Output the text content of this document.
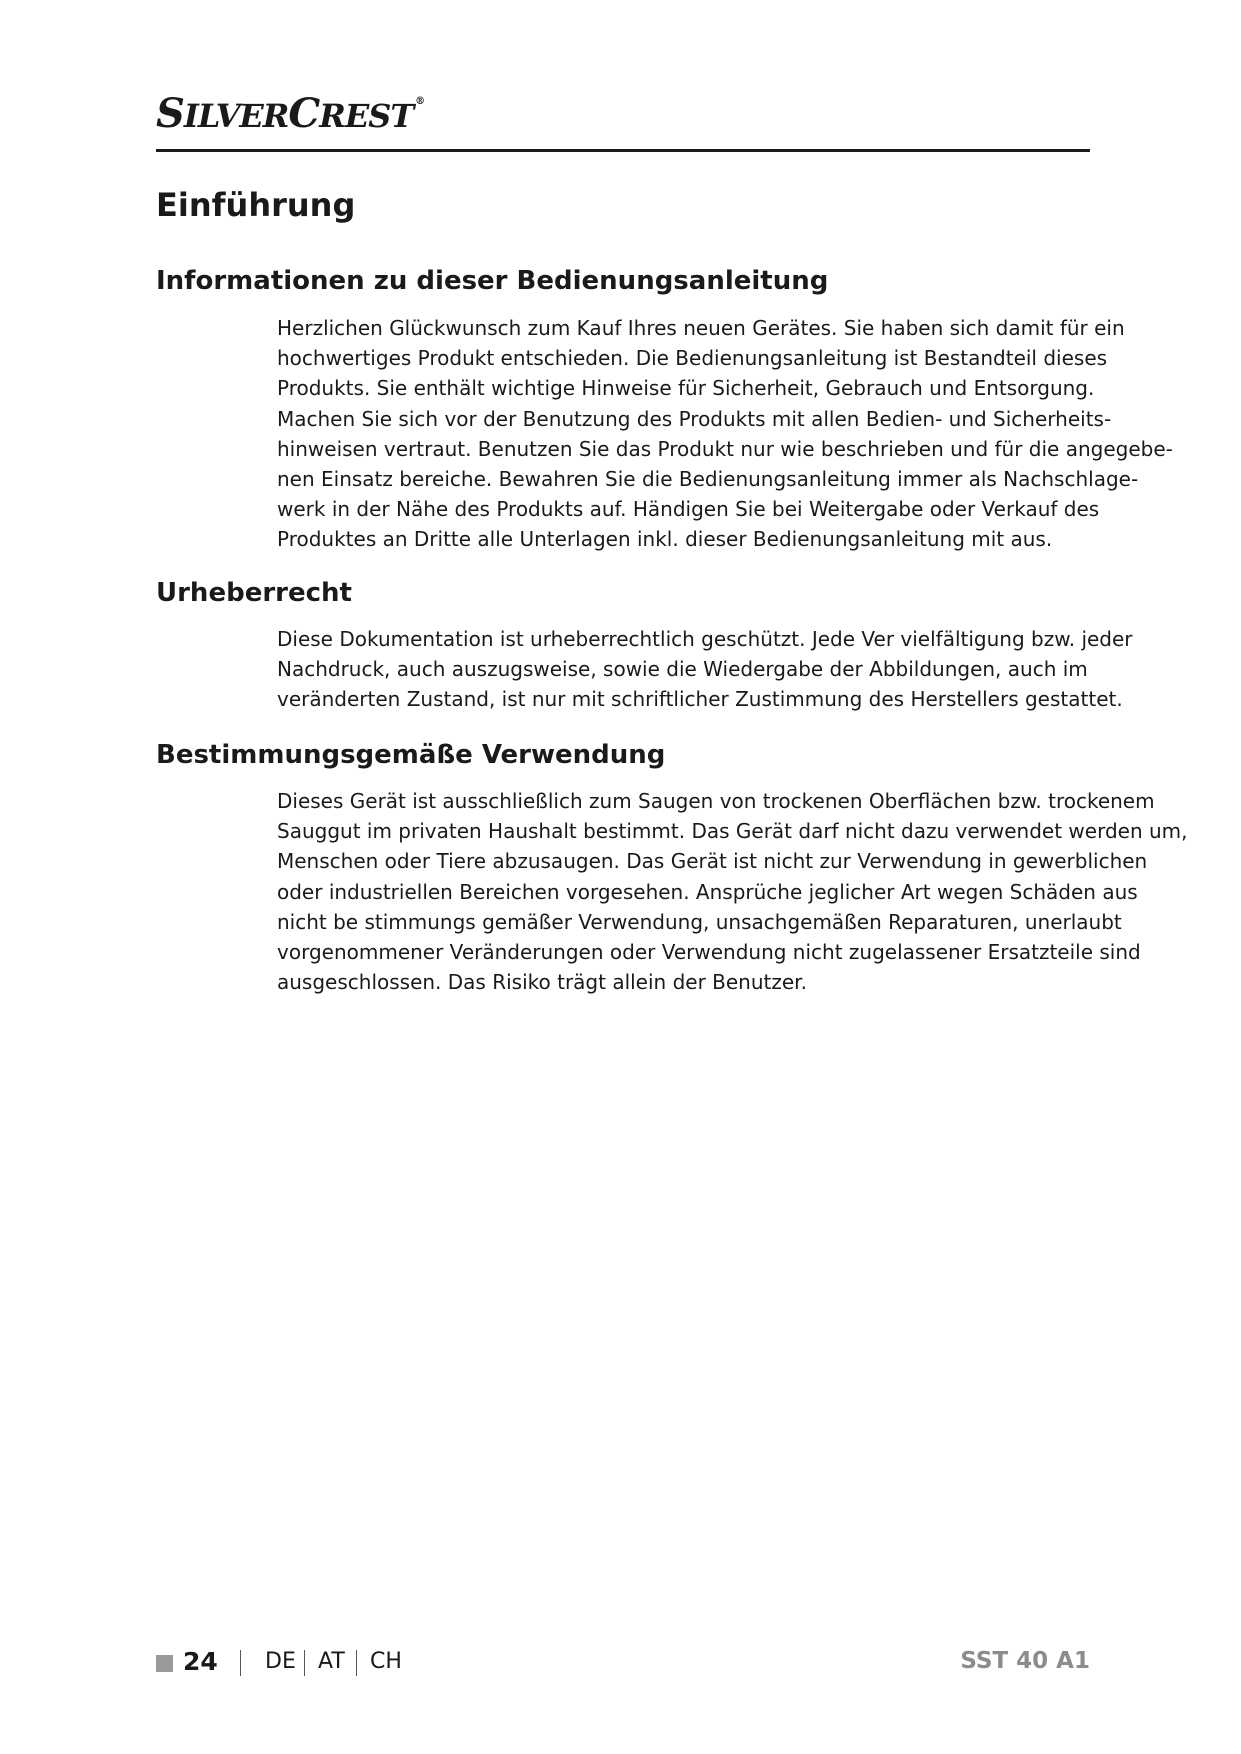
SILVERCREST ®
Einführung
Informationen zu dieser Bedienungsanleitung

Herzlichen Glückwunsch zum Kauf Ihres neuen Gerätes. Sie haben sich damit für ein
hochwertiges Produkt entschieden. Die Bedienungsanleitung ist Bestandteil dieses
Produkts. Sie enthält wichtige Hinweise für Sicherheit, Gebrauch und Entsorgung.
Machen Sie sich vor der Benutzung des Produkts mit allen Bedien- und Sicherheits-
hinweisen vertraut. Benutzen Sie das Produkt nur wie beschrieben und für die angegebe-
nen Einsatz bereiche. Bewahren Sie die Bedienungsanleitung immer als Nachschlage-
werk in der Nähe des Produkts auf. Händigen Sie bei Weitergabe oder Verkauf des
Produktes an Dritte alle Unterlagen inkl. dieser Bedienungsanleitung mit aus.

Urheberrecht

Diese Dokumentation ist urheberrechtlich geschützt. Jede Ver vielfältigung bzw. jeder
Nachdruck, auch auszugsweise, sowie die Wiedergabe der Abbildungen, auch im
veränderten Zustand, ist nur mit schriftlicher Zustimmung des Herstellers gestattet.

Bestimmungsgemäße Verwendung

Dieses Gerät ist ausschließlich zum Saugen von trockenen Oberflächen bzw. trockenem
Sauggut im privaten Haushalt bestimmt. Das Gerät darf nicht dazu verwendet werden um,
Menschen oder Tiere abzusaugen. Das Gerät ist nicht zur Verwendung in gewerblichen
oder industriellen Bereichen vorgesehen. Ansprüche jeglicher Art wegen Schäden aus
nicht be stimmungs gemäßer Verwendung, unsachgemäßen Reparaturen, unerlaubt
vorgenommener Veränderungen oder Verwendung nicht zugelassener Ersatzteile sind
ausgeschlossen. Das Risiko trägt allein der Benutzer.

24 DE AT CH	SST 40 A1
